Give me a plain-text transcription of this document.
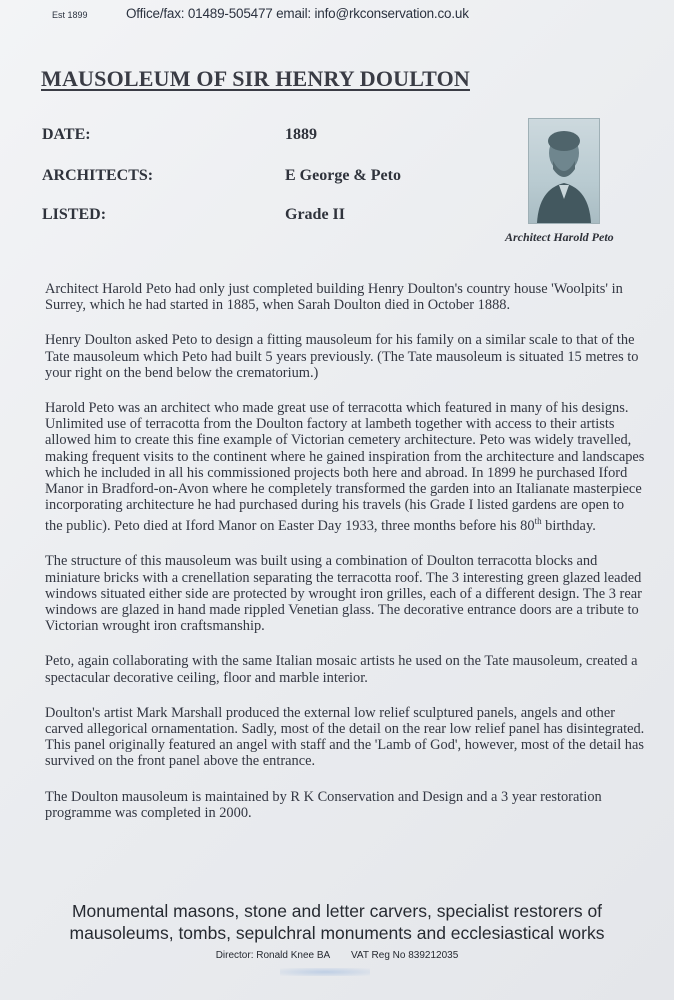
Est 1899	Office/fax: 01489-505477 email: info@rkconservation.co.uk
MAUSOLEUM OF SIR HENRY DOULTON
DATE:	1889
ARCHITECTS:	E George & Peto
LISTED:	Grade II
Architect Harold Peto

Architect Harold Peto had only just completed building Henry Doulton's country house 'Woolpits' in Surrey, which he had started in 1885, when Sarah Doulton died in October 1888.

Henry Doulton asked Peto to design a fitting mausoleum for his family on a similar scale to that of the Tate mausoleum which Peto had built 5 years previously. (The Tate mausoleum is situated 15 metres to your right on the bend below the crematorium.)

Harold Peto was an architect who made great use of terracotta which featured in many of his designs. Unlimited use of terracotta from the Doulton factory at lambeth together with access to their artists allowed him to create this fine example of Victorian cemetery architecture. Peto was widely travelled, making frequent visits to the continent where he gained inspiration from the architecture and landscapes which he included in all his commissioned projects both here and abroad. In 1899 he purchased Iford Manor in Bradford-on-Avon where he completely transformed the garden into an Italianate masterpiece incorporating architecture he had purchased during his travels (his Grade I listed gardens are open to the public). Peto died at Iford Manor on Easter Day 1933, three months before his 80th birthday.

The structure of this mausoleum was built using a combination of Doulton terracotta blocks and miniature bricks with a crenellation separating the terracotta roof. The 3 interesting green glazed leaded windows situated either side are protected by wrought iron grilles, each of a different design. The 3 rear windows are glazed in hand made rippled Venetian glass. The decorative entrance doors are a tribute to Victorian wrought iron craftsmanship.

Peto, again collaborating with the same Italian mosaic artists he used on the Tate mausoleum, created a spectacular decorative ceiling, floor and marble interior.

Doulton's artist Mark Marshall produced the external low relief sculptured panels, angels and other carved allegorical ornamentation. Sadly, most of the detail on the rear low relief panel has disintegrated. This panel originally featured an angel with staff and the 'Lamb of God', however, most of the detail has survived on the front panel above the entrance.

The Doulton mausoleum is maintained by R K Conservation and Design and a 3 year restoration programme was completed in 2000.

Monumental masons, stone and letter carvers, specialist restorers of
mausoleums, tombs, sepulchral monuments and ecclesiastical works
Director: Ronald Knee BA VAT Reg No 839212035
